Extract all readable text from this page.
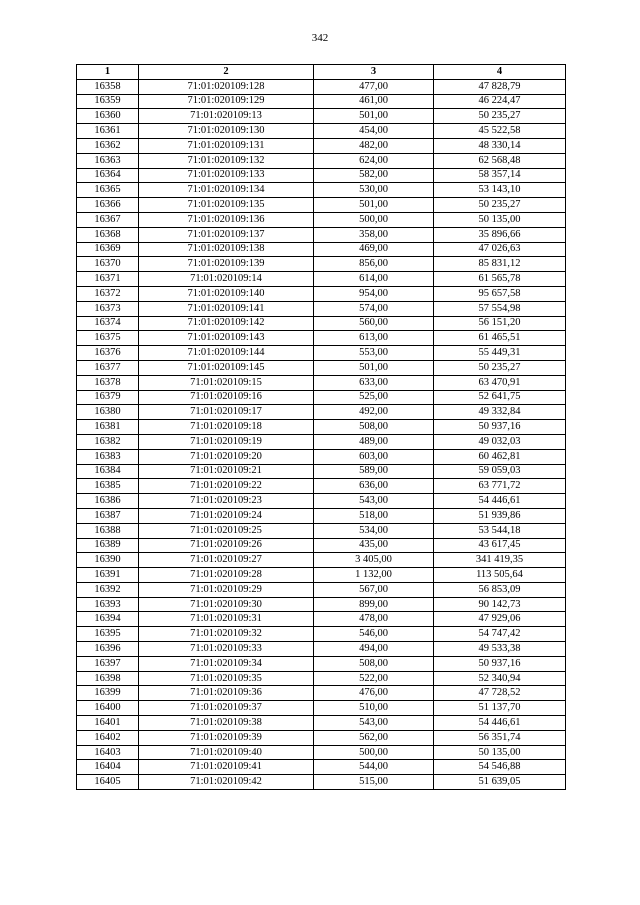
342
1	2	3	4
16358	71:01:020109:128	477,00	47 828,79
16359	71:01:020109:129	461,00	46 224,47
16360	71:01:020109:13	501,00	50 235,27
16361	71:01:020109:130	454,00	45 522,58
16362	71:01:020109:131	482,00	48 330,14
16363	71:01:020109:132	624,00	62 568,48
16364	71:01:020109:133	582,00	58 357,14
16365	71:01:020109:134	530,00	53 143,10
16366	71:01:020109:135	501,00	50 235,27
16367	71:01:020109:136	500,00	50 135,00
16368	71:01:020109:137	358,00	35 896,66
16369	71:01:020109:138	469,00	47 026,63
16370	71:01:020109:139	856,00	85 831,12
16371	71:01:020109:14	614,00	61 565,78
16372	71:01:020109:140	954,00	95 657,58
16373	71:01:020109:141	574,00	57 554,98
16374	71:01:020109:142	560,00	56 151,20
16375	71:01:020109:143	613,00	61 465,51
16376	71:01:020109:144	553,00	55 449,31
16377	71:01:020109:145	501,00	50 235,27
16378	71:01:020109:15	633,00	63 470,91
16379	71:01:020109:16	525,00	52 641,75
16380	71:01:020109:17	492,00	49 332,84
16381	71:01:020109:18	508,00	50 937,16
16382	71:01:020109:19	489,00	49 032,03
16383	71:01:020109:20	603,00	60 462,81
16384	71:01:020109:21	589,00	59 059,03
16385	71:01:020109:22	636,00	63 771,72
16386	71:01:020109:23	543,00	54 446,61
16387	71:01:020109:24	518,00	51 939,86
16388	71:01:020109:25	534,00	53 544,18
16389	71:01:020109:26	435,00	43 617,45
16390	71:01:020109:27	3 405,00	341 419,35
16391	71:01:020109:28	1 132,00	113 505,64
16392	71:01:020109:29	567,00	56 853,09
16393	71:01:020109:30	899,00	90 142,73
16394	71:01:020109:31	478,00	47 929,06
16395	71:01:020109:32	546,00	54 747,42
16396	71:01:020109:33	494,00	49 533,38
16397	71:01:020109:34	508,00	50 937,16
16398	71:01:020109:35	522,00	52 340,94
16399	71:01:020109:36	476,00	47 728,52
16400	71:01:020109:37	510,00	51 137,70
16401	71:01:020109:38	543,00	54 446,61
16402	71:01:020109:39	562,00	56 351,74
16403	71:01:020109:40	500,00	50 135,00
16404	71:01:020109:41	544,00	54 546,88
16405	71:01:020109:42	515,00	51 639,05
